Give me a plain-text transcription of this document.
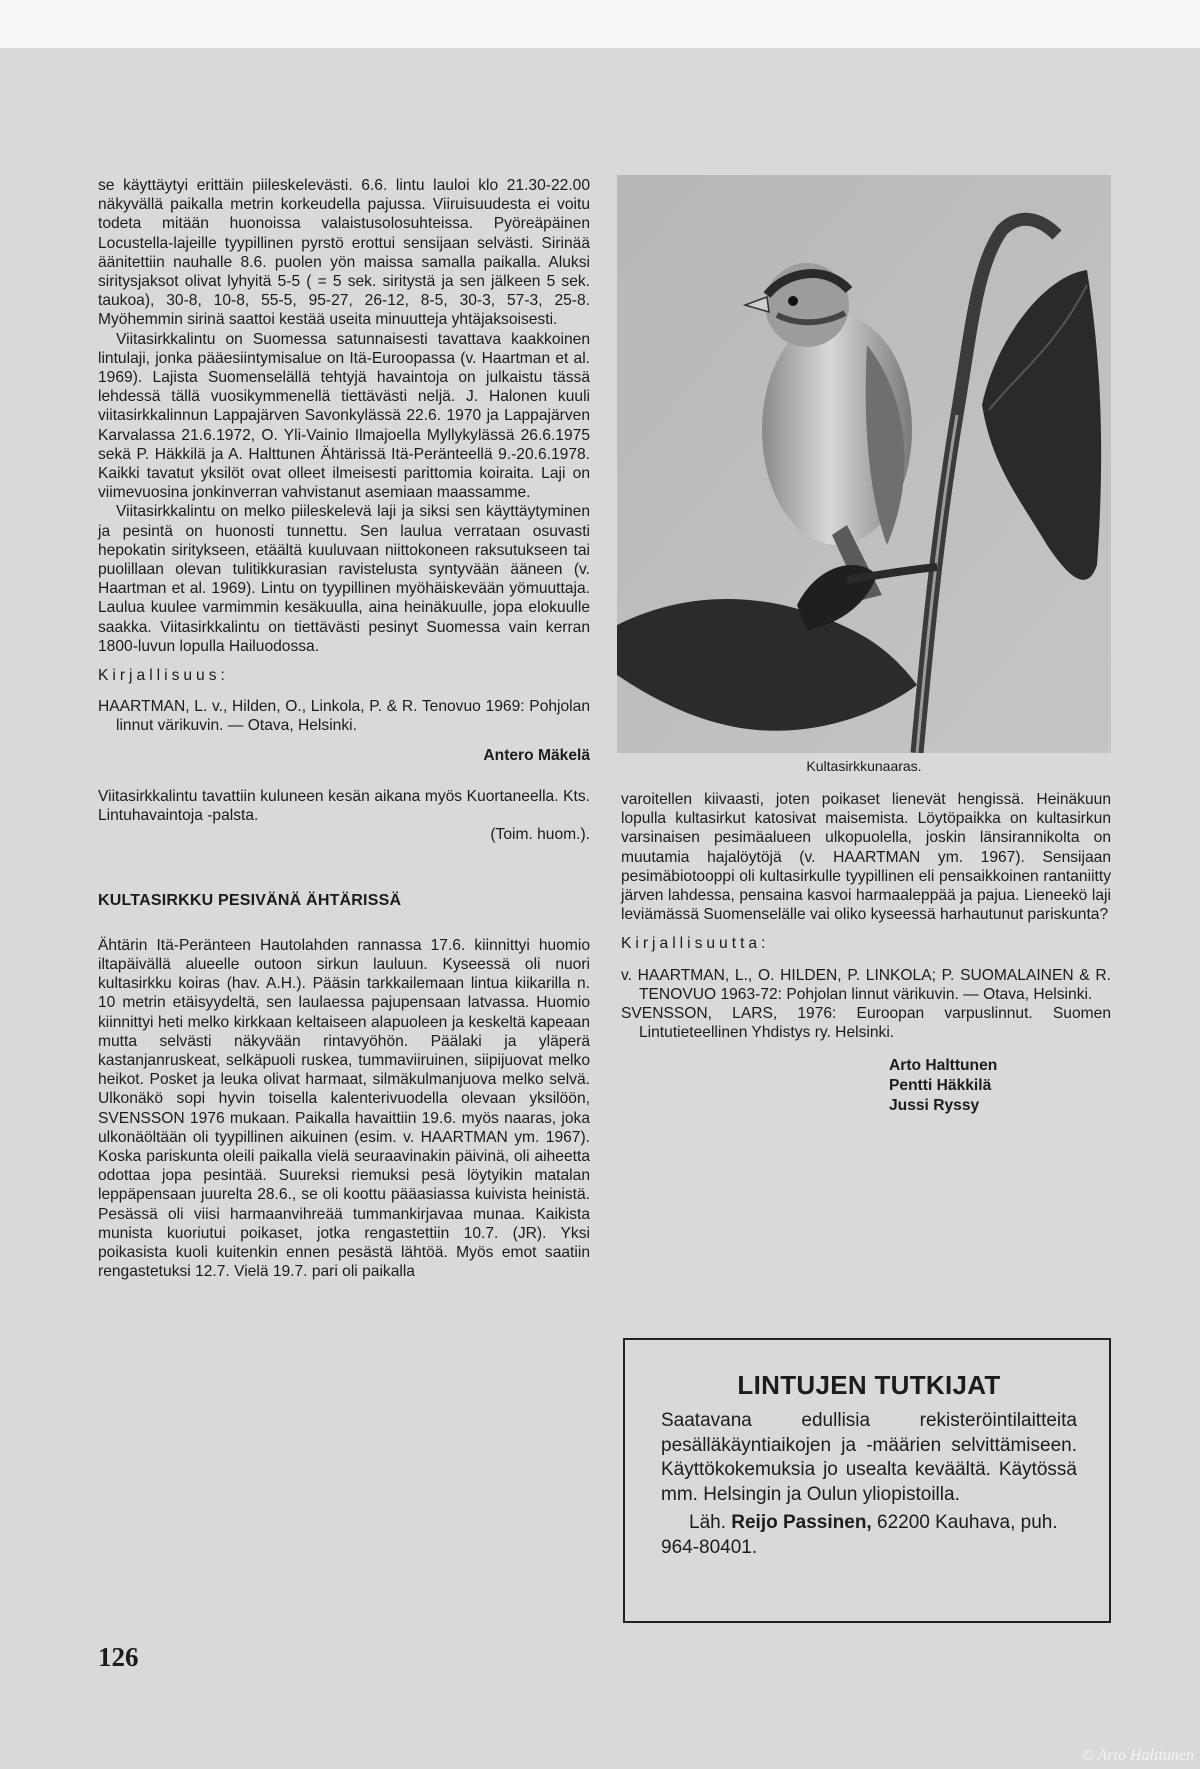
se käyttäytyi erittäin piileskelevästi. 6.6. lintu lauloi klo 21.30-22.00 näkyvällä paikalla metrin korkeudella pajussa. Viiruisuudesta ei voitu todeta mitään huonoissa valaistusolosuhteissa. Pyöreäpäinen Locustella-lajeille tyypillinen pyrstö erottui sensijaan selvästi. Sirinää äänitettiin nauhalle 8.6. puolen yön maissa samalla paikalla. Aluksi siritysjaksot olivat lyhyitä 5-5 ( = 5 sek. siritystä ja sen jälkeen 5 sek. taukoa), 30-8, 10-8, 55-5, 95-27, 26-12, 8-5, 30-3, 57-3, 25-8. Myöhemmin sirinä saattoi kestää useita minuutteja yhtäjaksoisesti.

Viitasirkkalintu on Suomessa satunnaisesti tavattava kaakkoinen lintulaji, jonka pääesiintymisalue on Itä-Euroopassa (v. Haartman et al. 1969). Lajista Suomenselällä tehtyjä havaintoja on julkaistu tässä lehdessä tällä vuosikymmenellä tiettävästi neljä. J. Halonen kuuli viitasirkkalinnun Lappajärven Savonkylässä 22.6. 1970 ja Lappajärven Karvalassa 21.6.1972, O. Yli-Vainio Ilmajoella Myllykylässä 26.6.1975 sekä P. Häkkilä ja A. Halttunen Ähtärissä Itä-Peränteellä 9.-20.6.1978. Kaikki tavatut yksilöt ovat olleet ilmeisesti parittomia koiraita. Laji on viimevuosina jonkinverran vahvistanut asemiaan maassamme.

Viitasirkkalintu on melko piileskelevä laji ja siksi sen käyttäytyminen ja pesintä on huonosti tunnettu. Sen laulua verrataan osuvasti hepokatin siritykseen, etäältä kuuluvaan niittokoneen raksutukseen tai puolillaan olevan tulitikkurasian ravistelusta syntyvään ääneen (v. Haartman et al. 1969). Lintu on tyypillinen myöhäiskevään yömuuttaja. Laulua kuulee varmimmin kesäkuulla, aina heinäkuulle, jopa elokuulle saakka. Viitasirkkalintu on tiettävästi pesinyt Suomessa vain kerran 1800-luvun lopulla Hailuodossa.

Kirjallisuus:

HAARTMAN, L. v., Hilden, O., Linkola, P. & R. Tenovuo 1969: Pohjolan linnut värikuvin. — Otava, Helsinki.

Antero Mäkelä

Viitasirkkalintu tavattiin kuluneen kesän aikana myös Kuortaneella. Kts. Lintuhavaintoja -palsta.

(Toim. huom.).

KULTASIRKKU PESIVÄNÄ ÄHTÄRISSÄ

Ähtärin Itä-Peränteen Hautolahden rannassa 17.6. kiinnittyi huomio iltapäivällä alueelle outoon sirkun lauluun. Kyseessä oli nuori kultasirkku koiras (hav. A.H.). Pääsin tarkkailemaan lintua kiikarilla n. 10 metrin etäisyydeltä, sen laulaessa pajupensaan latvassa. Huomio kiinnittyi heti melko kirkkaan keltaiseen alapuoleen ja keskeltä kapeaan mutta selvästi näkyvään rintavyöhön. Päälaki ja yläperä kastanjanruskeat, selkäpuoli ruskea, tummaviiruinen, siipijuovat melko heikot. Posket ja leuka olivat harmaat, silmäkulmanjuova melko selvä. Ulkonäkö sopi hyvin toisella kalenterivuodella olevaan yksilöön, SVENSSON 1976 mukaan. Paikalla havaittiin 19.6. myös naaras, joka ulkonäöltään oli tyypillinen aikuinen (esim. v. HAARTMAN ym. 1967). Koska pariskunta oleili paikalla vielä seuraavinakin päivinä, oli aiheetta odottaa jopa pesintää. Suureksi riemuksi pesä löytyikin matalan leppäpensaan juurelta 28.6., se oli koottu pääasiassa kuivista heinistä. Pesässä oli viisi harmaanvihreää tummankirjavaa munaa. Kaikista munista kuoriutui poikaset, jotka rengastettiin 10.7. (JR). Yksi poikasista kuoli kuitenkin ennen pesästä lähtöä. Myös emot saatiin rengastetuksi 12.7. Vielä 19.7. pari oli paikalla

Kultasirkkunaaras.

varoitellen kiivaasti, joten poikaset lienevät hengissä. Heinäkuun lopulla kultasirkut katosivat maisemista. Löytöpaikka on kultasirkun varsinaisen pesimäalueen ulkopuolella, joskin länsirannikolta on muutamia hajalöytöjä (v. HAARTMAN ym. 1967). Sensijaan pesimäbiotooppi oli kultasirkulle tyypillinen eli pensaikkoinen rantaniitty järven lahdessa, pensaina kasvoi harmaaleppää ja pajua. Lieneekö laji leviämässä Suomenselälle vai oliko kyseessä harhautunut pariskunta?

Kirjallisuutta:

v. HAARTMAN, L., O. HILDEN, P. LINKOLA; P. SUOMALAINEN & R. TENOVUO 1963-72: Pohjolan linnut värikuvin. — Otava, Helsinki.

SVENSSON, LARS, 1976: Euroopan varpuslinnut. Suomen Lintutieteellinen Yhdistys ry. Helsinki.

Arto Halttunen
Pentti Häkkilä
Jussi Ryssy

LINTUJEN TUTKIJAT

Saatavana edullisia rekisteröintilaitteita pesälläkäyntiaikojen ja -määrien selvittämiseen. Käyttökokemuksia jo usealta keväältä. Käytössä mm. Helsingin ja Oulun yliopistoilla.

Läh. Reijo Passinen, 62200 Kauhava, puh. 964-80401.

126
© Arto Halttunen
